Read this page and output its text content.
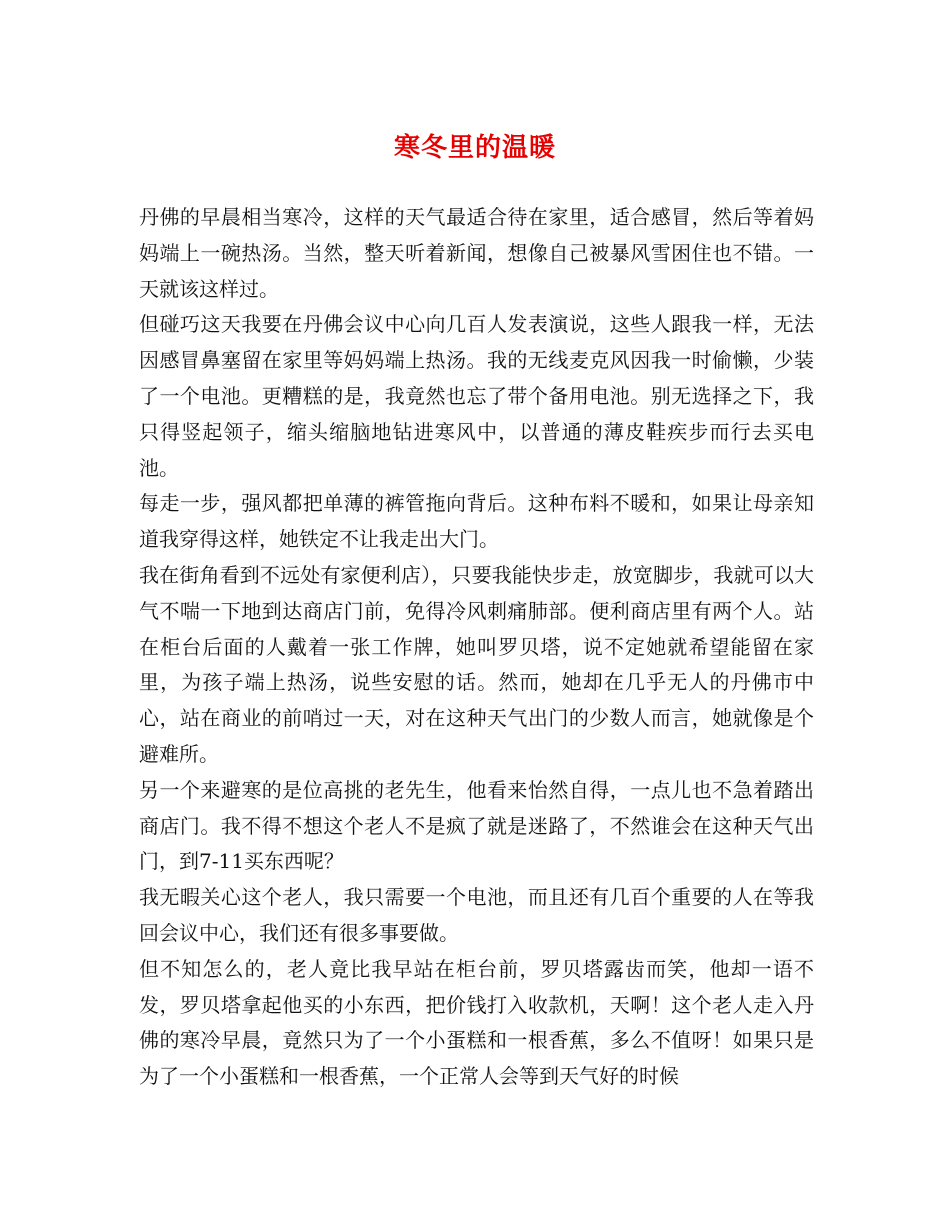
寒冬里的温暖

丹佛的早晨相当寒冷，这样的天气最适合待在家里，适合感冒，然后等着妈妈端上一碗热汤。当然，整天听着新闻，想像自己被暴风雪困住也不错。一天就该这样过。

但碰巧这天我要在丹佛会议中心向几百人发表演说，这些人跟我一样，无法因感冒鼻塞留在家里等妈妈端上热汤。我的无线麦克风因我一时偷懒，少装了一个电池。更糟糕的是，我竟然也忘了带个备用电池。别无选择之下，我只得竖起领子，缩头缩脑地钻进寒风中，以普通的薄皮鞋疾步而行去买电池。

每走一步，强风都把单薄的裤管拖向背后。这种布料不暖和，如果让母亲知道我穿得这样，她铁定不让我走出大门。

我在街角看到不远处有家便利店），只要我能快步走，放宽脚步，我就可以大气不喘一下地到达商店门前，免得冷风刺痛肺部。便利商店里有两个人。站在柜台后面的人戴着一张工作牌，她叫罗贝塔，说不定她就希望能留在家里，为孩子端上热汤，说些安慰的话。然而，她却在几乎无人的丹佛市中心，站在商业的前哨过一天，对在这种天气出门的少数人而言，她就像是个避难所。

另一个来避寒的是位高挑的老先生，他看来怡然自得，一点儿也不急着踏出商店门。我不得不想这个老人不是疯了就是迷路了，不然谁会在这种天气出门，到7-11买东西呢？

我无暇关心这个老人，我只需要一个电池，而且还有几百个重要的人在等我回会议中心，我们还有很多事要做。

但不知怎么的，老人竟比我早站在柜台前，罗贝塔露齿而笑，他却一语不发，罗贝塔拿起他买的小东西，把价钱打入收款机，天啊！这个老人走入丹佛的寒冷早晨，竟然只为了一个小蛋糕和一根香蕉，多么不值呀！如果只是为了一个小蛋糕和一根香蕉，一个正常人会等到天气好的时候
